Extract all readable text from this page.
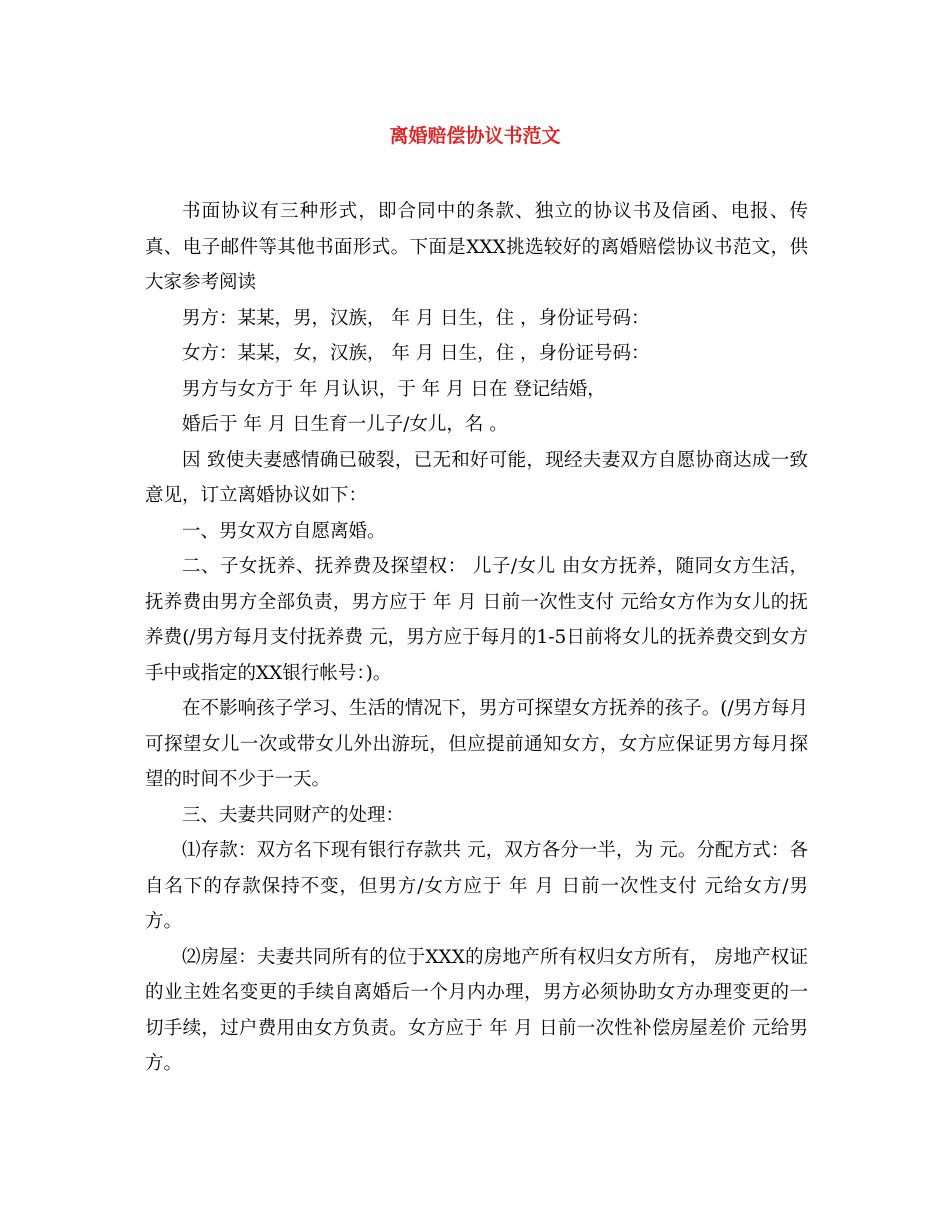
离婚赔偿协议书范文

书面协议有三种形式，即合同中的条款、独立的协议书及信函、电报、传真、电子邮件等其他书面形式。下面是XXX挑选较好的离婚赔偿协议书范文，供大家参考阅读

男方：某某，男，汉族， 年 月 日生，住 ，身份证号码：

女方：某某，女，汉族， 年 月 日生，住 ，身份证号码：

男方与女方于 年 月认识，于 年 月 日在 登记结婚，

婚后于 年 月 日生育一儿子/女儿，名 。

因 致使夫妻感情确已破裂，已无和好可能，现经夫妻双方自愿协商达成一致意见，订立离婚协议如下：

一、男女双方自愿离婚。

二、子女抚养、抚养费及探望权： 儿子/女儿 由女方抚养，随同女方生活，抚养费由男方全部负责，男方应于 年 月 日前一次性支付 元给女方作为女儿的抚养费(/男方每月支付抚养费 元，男方应于每月的1-5日前将女儿的抚养费交到女方手中或指定的XX银行帐号：)。

在不影响孩子学习、生活的情况下，男方可探望女方抚养的孩子。(/男方每月可探望女儿一次或带女儿外出游玩，但应提前通知女方，女方应保证男方每月探望的时间不少于一天。

三、夫妻共同财产的处理：

⑴存款：双方名下现有银行存款共 元，双方各分一半，为 元。分配方式：各自名下的存款保持不变，但男方/女方应于 年 月 日前一次性支付 元给女方/男方。

⑵房屋：夫妻共同所有的位于XXX的房地产所有权归女方所有， 房地产权证的业主姓名变更的手续自离婚后一个月内办理，男方必须协助女方办理变更的一切手续，过户费用由女方负责。女方应于 年 月 日前一次性补偿房屋差价 元给男方。
